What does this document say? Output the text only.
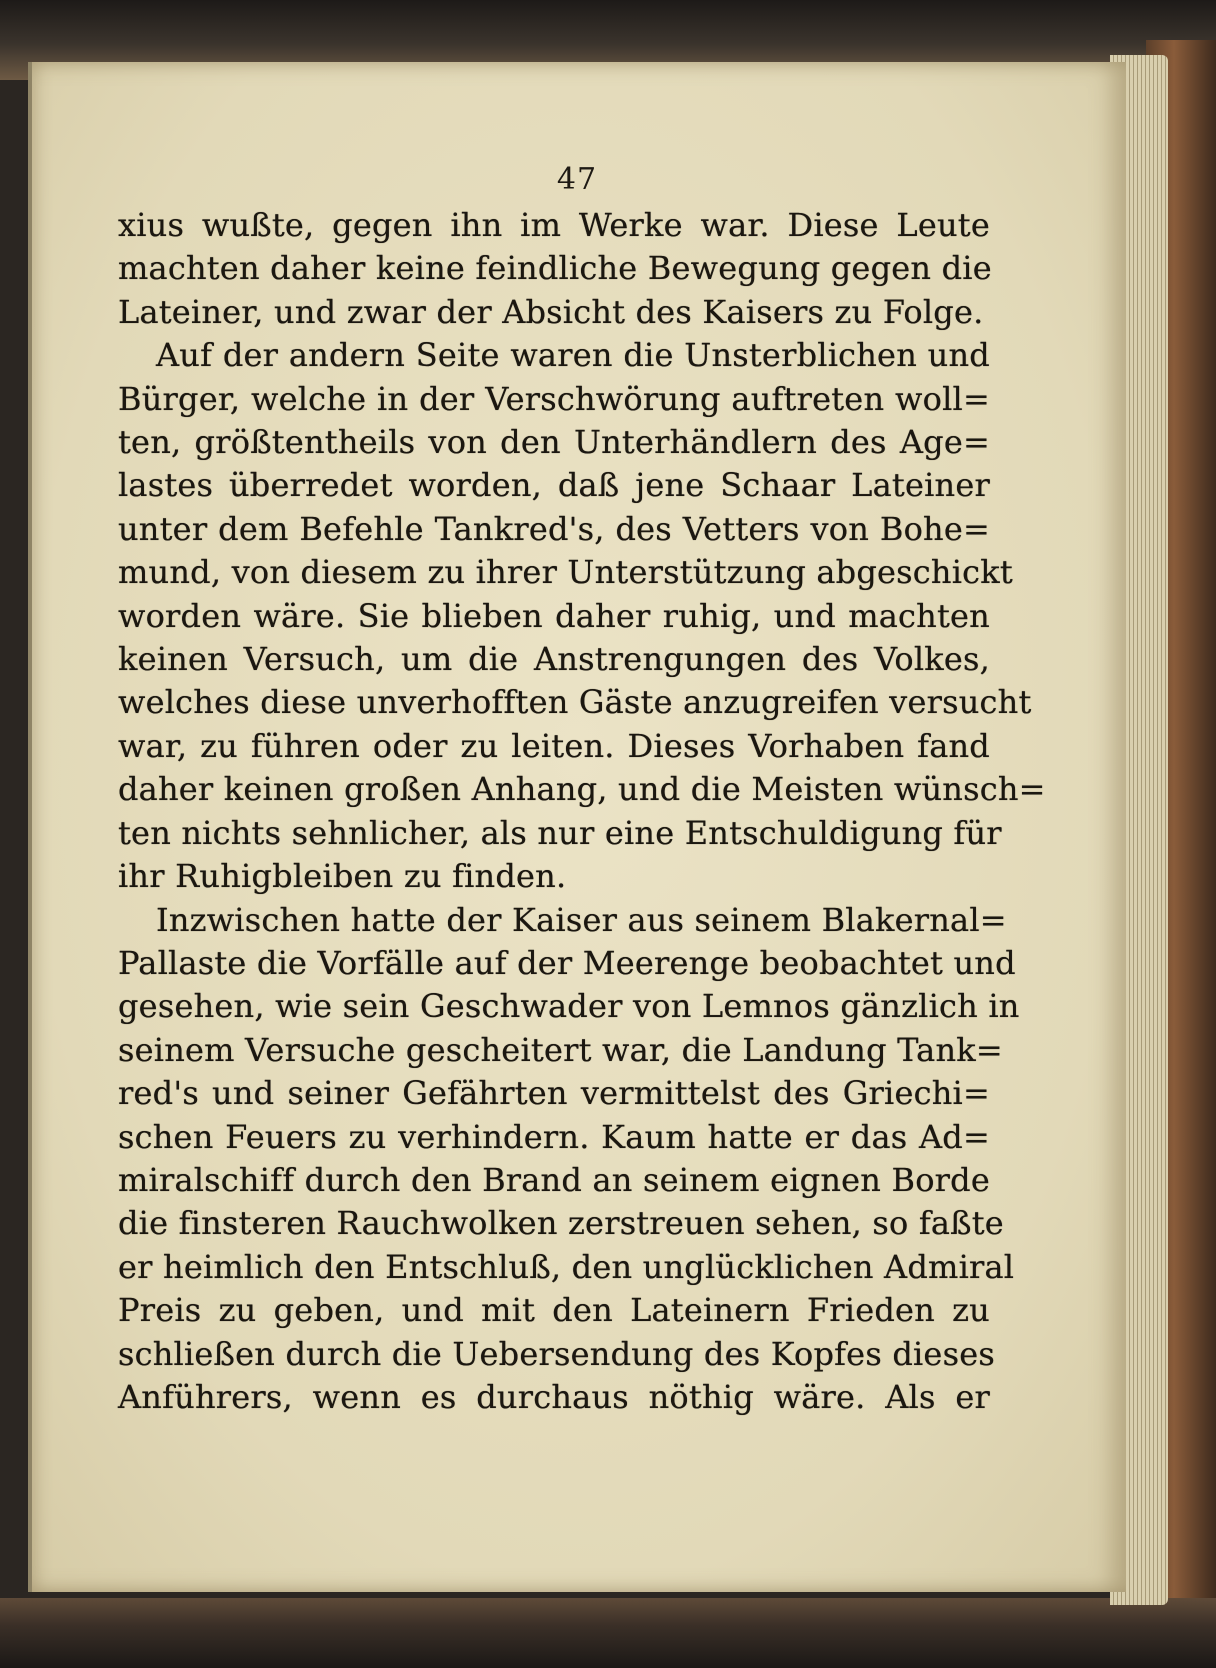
47
xius wußte, gegen ihn im Werke war. Diese Leute
machten daher keine feindliche Bewegung gegen die
Lateiner, und zwar der Absicht des Kaisers zu Folge.
Auf der andern Seite waren die Unsterblichen und
Bürger, welche in der Verschwörung auftreten woll=
ten, größtentheils von den Unterhändlern des Age=
lastes überredet worden, daß jene Schaar Lateiner
unter dem Befehle Tankred's, des Vetters von Bohe=
mund, von diesem zu ihrer Unterstützung abgeschickt
worden wäre. Sie blieben daher ruhig, und machten
keinen Versuch, um die Anstrengungen des Volkes,
welches diese unverhofften Gäste anzugreifen versucht
war, zu führen oder zu leiten. Dieses Vorhaben fand
daher keinen großen Anhang, und die Meisten wünsch=
ten nichts sehnlicher, als nur eine Entschuldigung für
ihr Ruhigbleiben zu finden.
Inzwischen hatte der Kaiser aus seinem Blakernal=
Pallaste die Vorfälle auf der Meerenge beobachtet und
gesehen, wie sein Geschwader von Lemnos gänzlich in
seinem Versuche gescheitert war, die Landung Tank=
red's und seiner Gefährten vermittelst des Griechi=
schen Feuers zu verhindern. Kaum hatte er das Ad=
miralschiff durch den Brand an seinem eignen Borde
die finsteren Rauchwolken zerstreuen sehen, so faßte
er heimlich den Entschluß, den unglücklichen Admiral
Preis zu geben, und mit den Lateinern Frieden zu
schließen durch die Uebersendung des Kopfes dieses
Anführers, wenn es durchaus nöthig wäre. Als er
